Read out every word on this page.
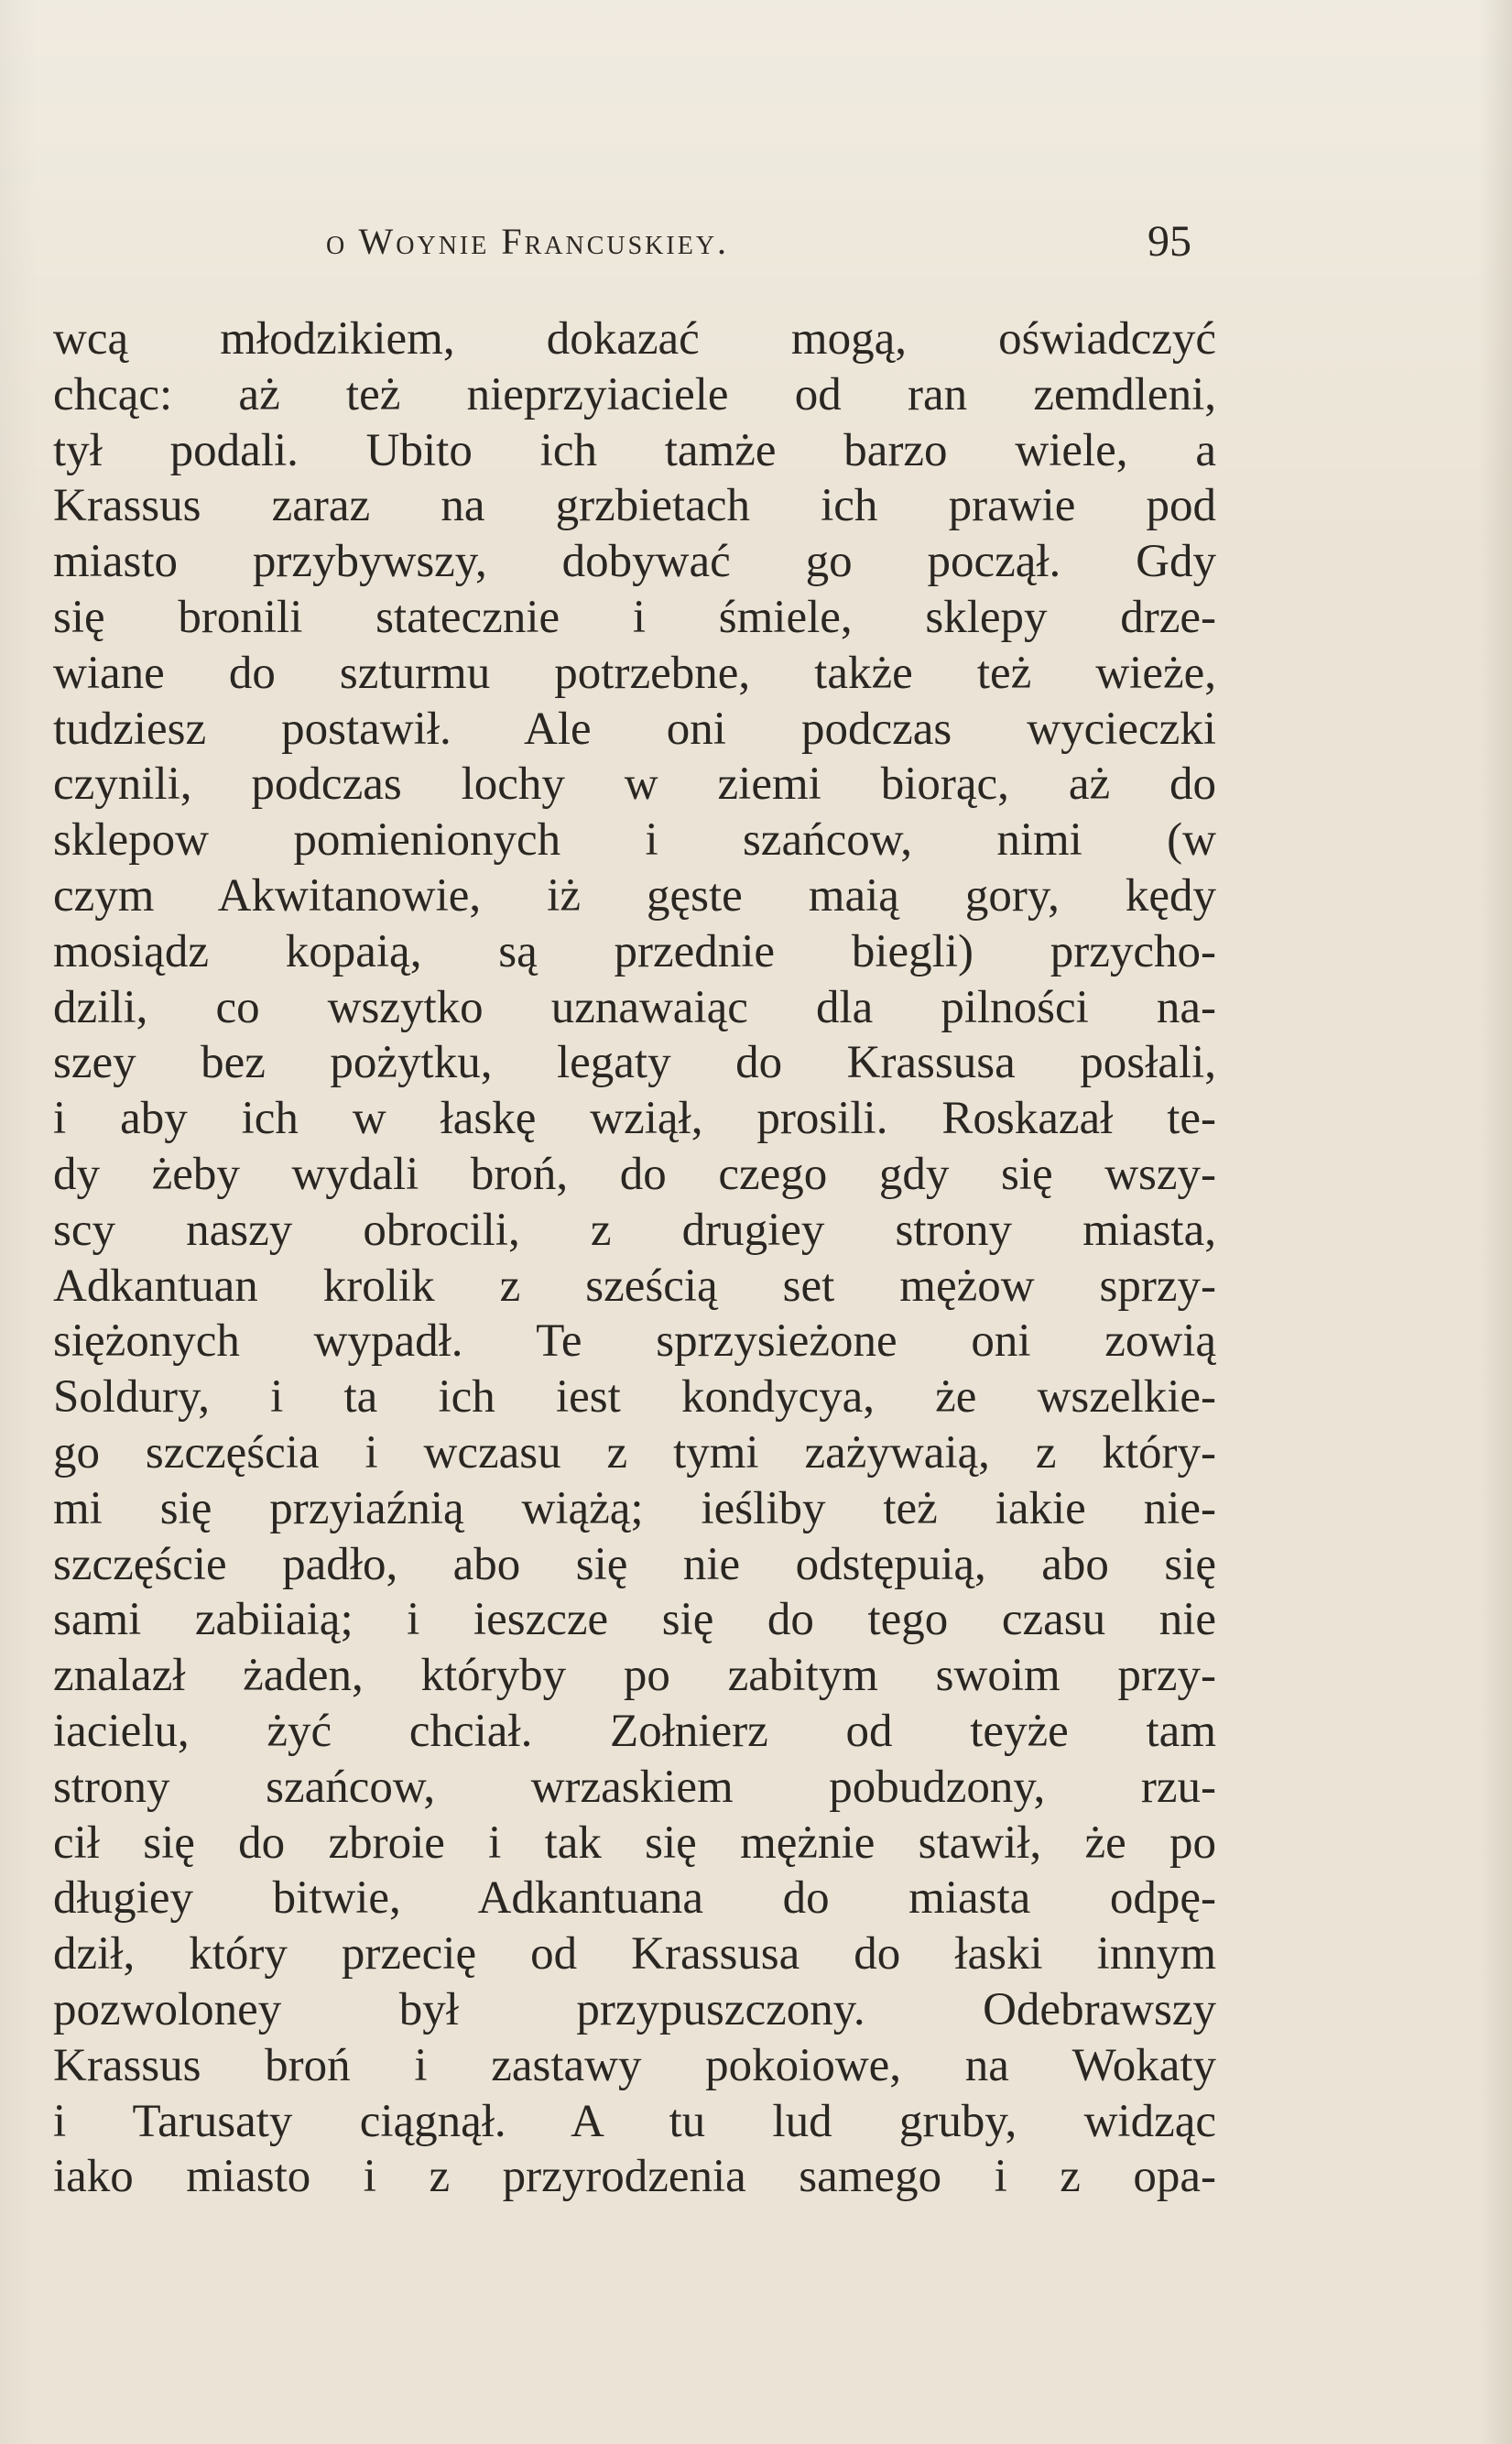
o Woynie Francuskiey.	95
wcą młodzikiem, dokazać mogą, oświadczyć
chcąc: aż też nieprzyiaciele od ran zemdleni,
tył podali. Ubito ich tamże barzo wiele, a
Krassus zaraz na grzbietach ich prawie pod
miasto przybywszy, dobywać go począł. Gdy
się bronili statecznie i śmiele, sklepy drze-
wiane do szturmu potrzebne, także też wieże,
tudziesz postawił. Ale oni podczas wycieczki
czynili, podczas lochy w ziemi biorąc, aż do
sklepow pomienionych i szańcow, nimi (w
czym Akwitanowie, iż gęste maią gory, kędy
mosiądz kopaią, są przednie biegli) przycho-
dzili, co wszytko uznawaiąc dla pilności na-
szey bez pożytku, legaty do Krassusa posłali,
i aby ich w łaskę wziął, prosili. Roskazał te-
dy żeby wydali broń, do czego gdy się wszy-
scy naszy obrocili, z drugiey strony miasta,
Adkantuan krolik z sześcią set mężow sprzy-
siężonych wypadł. Te sprzysieżone oni zowią
Soldury, i ta ich iest kondycya, że wszelkie-
go szczęścia i wczasu z tymi zażywaią, z który-
mi się przyiaźnią wiążą; ieśliby też iakie nie-
szczęście padło, abo się nie odstępuią, abo się
sami zabiiaią; i ieszcze się do tego czasu nie
znalazł żaden, któryby po zabitym swoim przy-
iacielu, żyć chciał. Zołnierz od teyże tam
strony szańcow, wrzaskiem pobudzony, rzu-
cił się do zbroie i tak się mężnie stawił, że po
długiey bitwie, Adkantuana do miasta odpę-
dził, który przecię od Krassusa do łaski innym
pozwoloney był przypuszczony. Odebrawszy
Krassus broń i zastawy pokoiowe, na Wokaty
i Tarusaty ciągnął. A tu lud gruby, widząc
iako miasto i z przyrodzenia samego i z opa-
